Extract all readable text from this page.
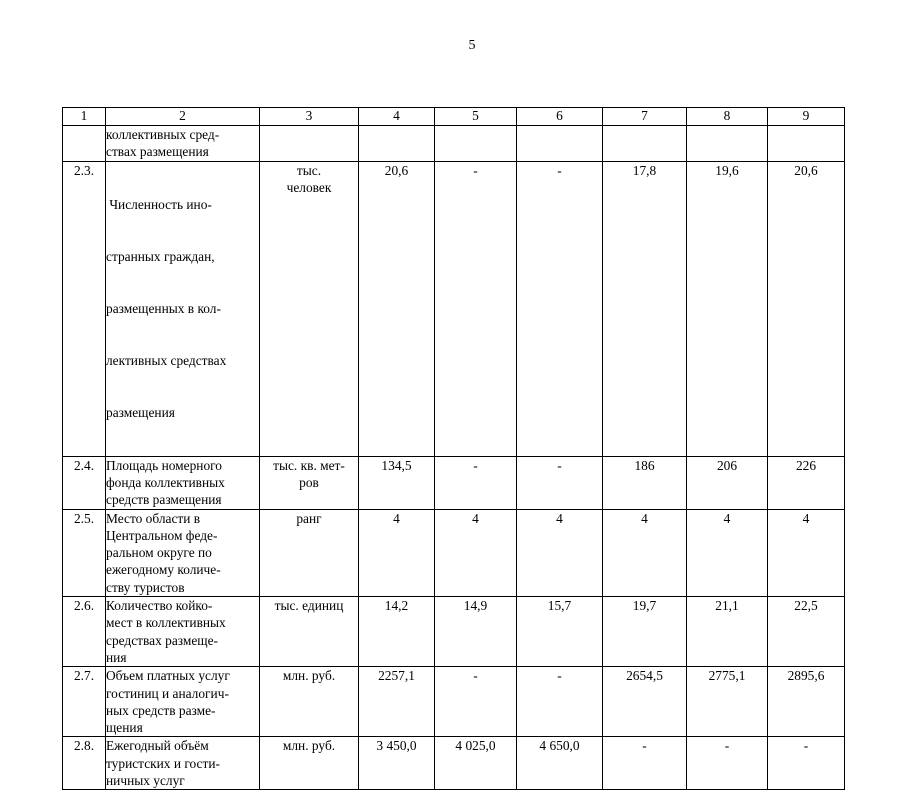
5
1	2	3	4	5	6	7	8	9

	коллективных сред-
ствах размещения							

2.3.	Численность ино-

странных граждан,

размещенных в кол-

лективных средствах

размещения	тыс.
человек	20,6	-	-	17,8	19,6	20,6
2.4.	Площадь номерного
фонда коллективных
средств размещения	тыс. кв. мет-
ров	134,5	-	-	186	206	226
2.5.	Место области в
Центральном феде-
ральном округе по
ежегодному количе-
ству туристов	ранг	4	4	4	4	4	4
2.6.	Количество койко-
мест в коллективных
средствах размеще-
ния	тыс. единиц	14,2	14,9	15,7	19,7	21,1	22,5
2.7.	Объем платных услуг
гостиниц и аналогич-
ных средств разме-
щения	млн. руб.	2257,1	-	-	2654,5	2775,1	2895,6
2.8.	Ежегодный объём
туристских и гости-
ничных услуг	млн. руб.	3 450,0	4 025,0	4 650,0	-	-	-
